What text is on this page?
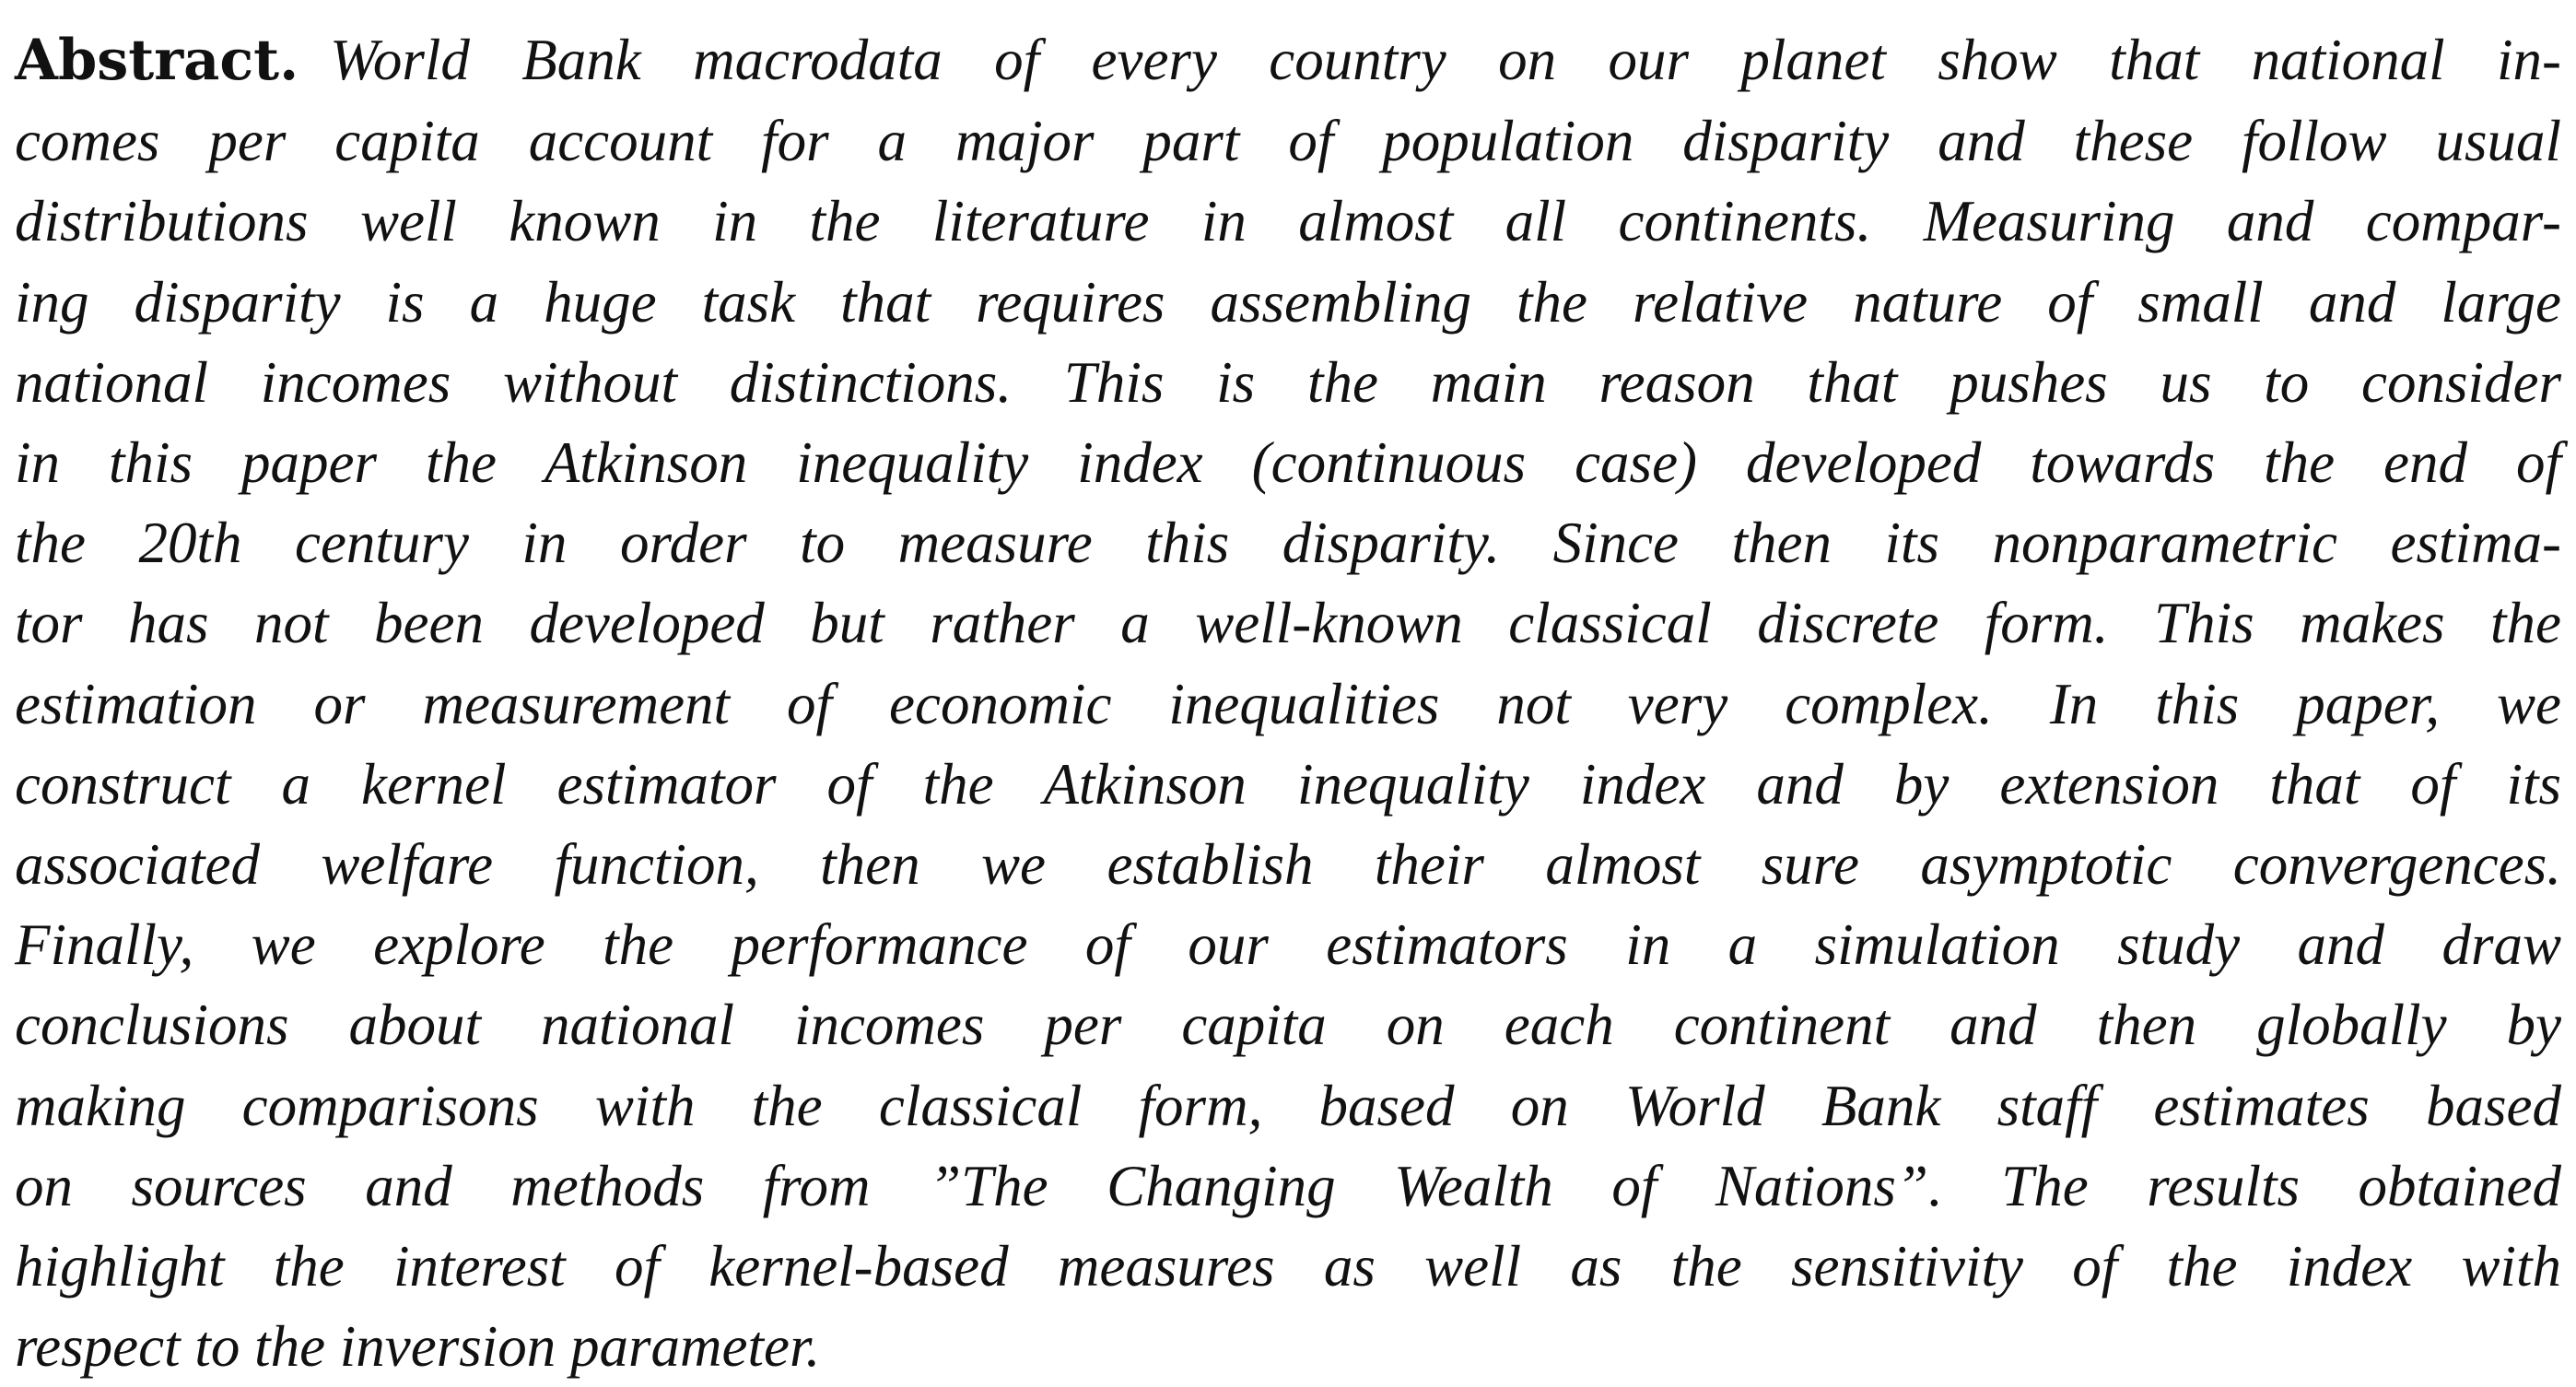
Abstract. World Bank macrodata of every country on our planet show that national in-
comes per capita account for a major part of population disparity and these follow usual
distributions well known in the literature in almost all continents. Measuring and compar-
ing disparity is a huge task that requires assembling the relative nature of small and large
national incomes without distinctions. This is the main reason that pushes us to consider
in this paper the Atkinson inequality index (continuous case) developed towards the end of
the 20th century in order to measure this disparity. Since then its nonparametric estima-
tor has not been developed but rather a well-known classical discrete form. This makes the
estimation or measurement of economic inequalities not very complex. In this paper, we
construct a kernel estimator of the Atkinson inequality index and by extension that of its
associated welfare function, then we establish their almost sure asymptotic convergences.
Finally, we explore the performance of our estimators in a simulation study and draw
conclusions about national incomes per capita on each continent and then globally by
making comparisons with the classical form, based on World Bank staff estimates based
on sources and methods from ”The Changing Wealth of Nations”. The results obtained
highlight the interest of kernel-based measures as well as the sensitivity of the index with
respect to the inversion parameter.
